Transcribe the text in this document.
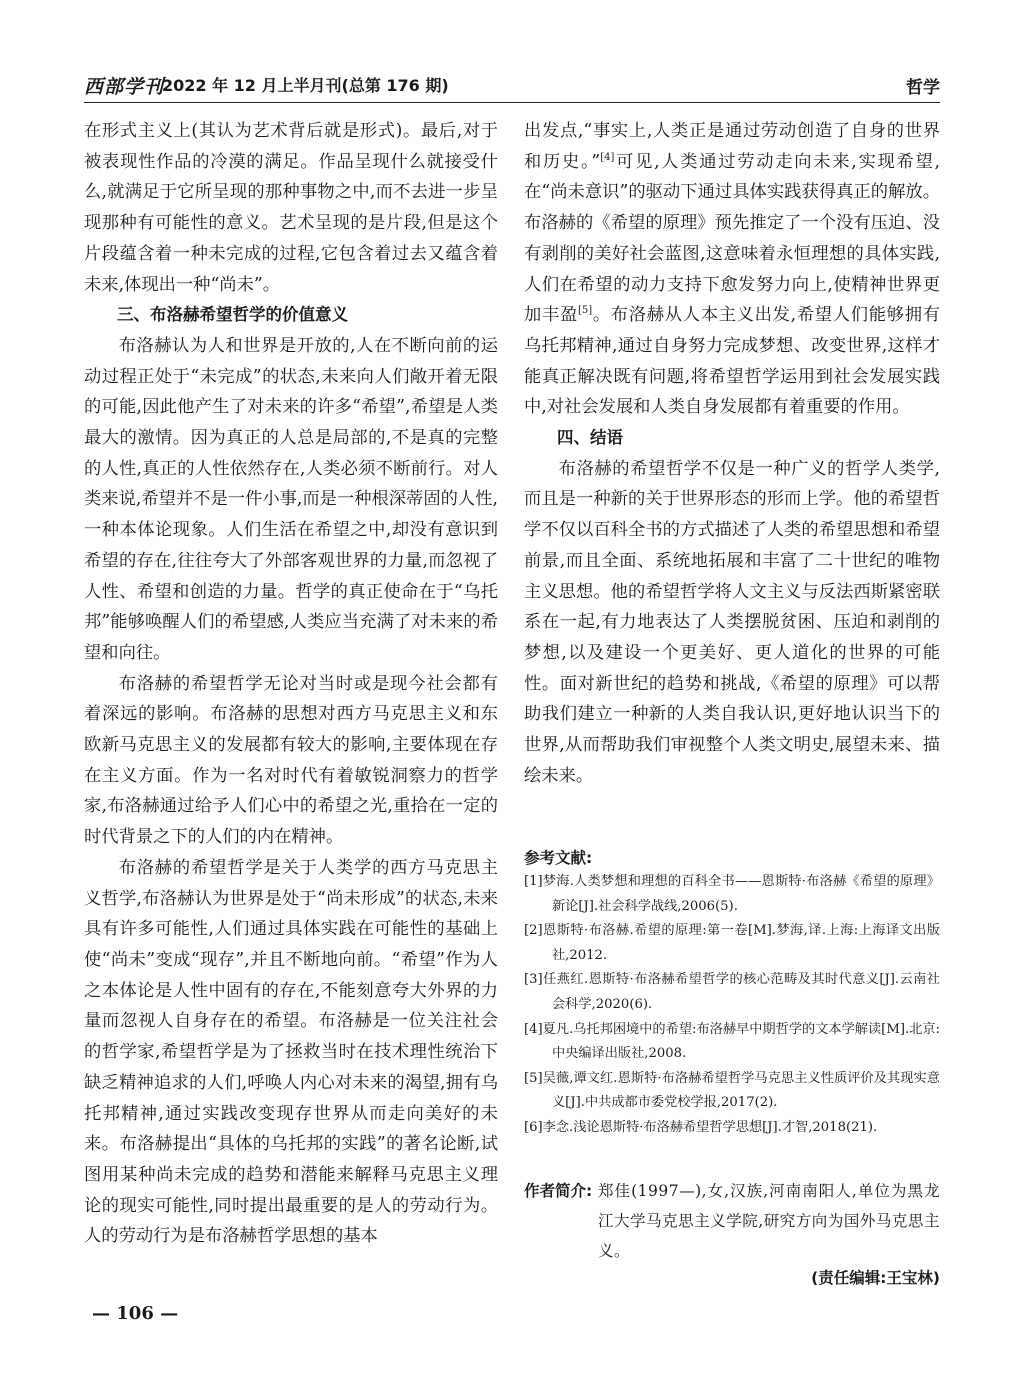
西部学刊
2022 年 12 月上半月刊(总第 176 期)	哲学

在形式主义上(其认为艺术背后就是形式)。最后,对于被表现性作品的冷漠的满足。作品呈现什么就接受什么,就满足于它所呈现的那种事物之中,而不去进一步呈现那种有可能性的意义。艺术呈现的是片段,但是这个片段蕴含着一种未完成的过程,它包含着过去又蕴含着未来,体现出一种“尚未”。

三、布洛赫希望哲学的价值意义

布洛赫认为人和世界是开放的,人在不断向前的运动过程正处于“未完成”的状态,未来向人们敞开着无限的可能,因此他产生了对未来的许多“希望”,希望是人类最大的激情。因为真正的人总是局部的,不是真的完整的人性,真正的人性依然存在,人类必须不断前行。对人类来说,希望并不是一件小事,而是一种根深蒂固的人性,一种本体论现象。人们生活在希望之中,却没有意识到希望的存在,往往夸大了外部客观世界的力量,而忽视了人性、希望和创造的力量。哲学的真正使命在于“乌托邦”能够唤醒人们的希望感,人类应当充满了对未来的希望和向往。

布洛赫的希望哲学无论对当时或是现今社会都有着深远的影响。布洛赫的思想对西方马克思主义和东欧新马克思主义的发展都有较大的影响,主要体现在存在主义方面。作为一名对时代有着敏锐洞察力的哲学家,布洛赫通过给予人们心中的希望之光,重拾在一定的时代背景之下的人们的内在精神。

布洛赫的希望哲学是关于人类学的西方马克思主义哲学,布洛赫认为世界是处于“尚未形成”的状态,未来具有许多可能性,人们通过具体实践在可能性的基础上使“尚未”变成“现存”,并且不断地向前。“希望”作为人之本体论是人性中固有的存在,不能刻意夸大外界的力量而忽视人自身存在的希望。布洛赫是一位关注社会的哲学家,希望哲学是为了拯救当时在技术理性统治下缺乏精神追求的人们,呼唤人内心对未来的渴望,拥有乌托邦精神,通过实践改变现存世界从而走向美好的未来。布洛赫提出“具体的乌托邦的实践”的著名论断,试图用某种尚未完成的趋势和潜能来解释马克思主义理论的现实可能性,同时提出最重要的是人的劳动行为。人的劳动行为是布洛赫哲学思想的基本

出发点,“事实上,人类正是通过劳动创造了自身的世界和历史。”[4]可见,人类通过劳动走向未来,实现希望,在“尚未意识”的驱动下通过具体实践获得真正的解放。布洛赫的《希望的原理》预先推定了一个没有压迫、没有剥削的美好社会蓝图,这意味着永恒理想的具体实践,人们在希望的动力支持下愈发努力向上,使精神世界更加丰盈[5]。布洛赫从人本主义出发,希望人们能够拥有乌托邦精神,通过自身努力完成梦想、改变世界,这样才能真正解决既有问题,将希望哲学运用到社会发展实践中,对社会发展和人类自身发展都有着重要的作用。

四、结语

布洛赫的希望哲学不仅是一种广义的哲学人类学,而且是一种新的关于世界形态的形而上学。他的希望哲学不仅以百科全书的方式描述了人类的希望思想和希望前景,而且全面、系统地拓展和丰富了二十世纪的唯物主义思想。他的希望哲学将人文主义与反法西斯紧密联系在一起,有力地表达了人类摆脱贫困、压迫和剥削的梦想,以及建设一个更美好、更人道化的世界的可能性。面对新世纪的趋势和挑战,《希望的原理》可以帮助我们建立一种新的人类自我认识,更好地认识当下的世界,从而帮助我们审视整个人类文明史,展望未来、描绘未来。

参考文献:

[1]梦海.人类梦想和理想的百科全书——恩斯特·布洛赫《希望的原理》新论[J].社会科学战线,2006(5).

[2]恩斯特·布洛赫.希望的原理:第一卷[M].梦海,译.上海:上海译文出版社,2012.

[3]任燕红.恩斯特·布洛赫希望哲学的核心范畴及其时代意义[J].云南社会科学,2020(6).

[4]夏凡.乌托邦困境中的希望:布洛赫早中期哲学的文本学解读[M].北京:中央编译出版社,2008.

[5]吴薇,谭文红.恩斯特·布洛赫希望哲学马克思主义性质评价及其现实意义[J].中共成都市委党校学报,2017(2).

[6]李念.浅论恩斯特·布洛赫希望哲学思想[J].才智,2018(21).

作者简介: 郑佳(1997—),女,汉族,河南南阳人,单位为黑龙江大学马克思主义学院,研究方向为国外马克思主义。
(责任编辑:王宝林)
— 106 —
